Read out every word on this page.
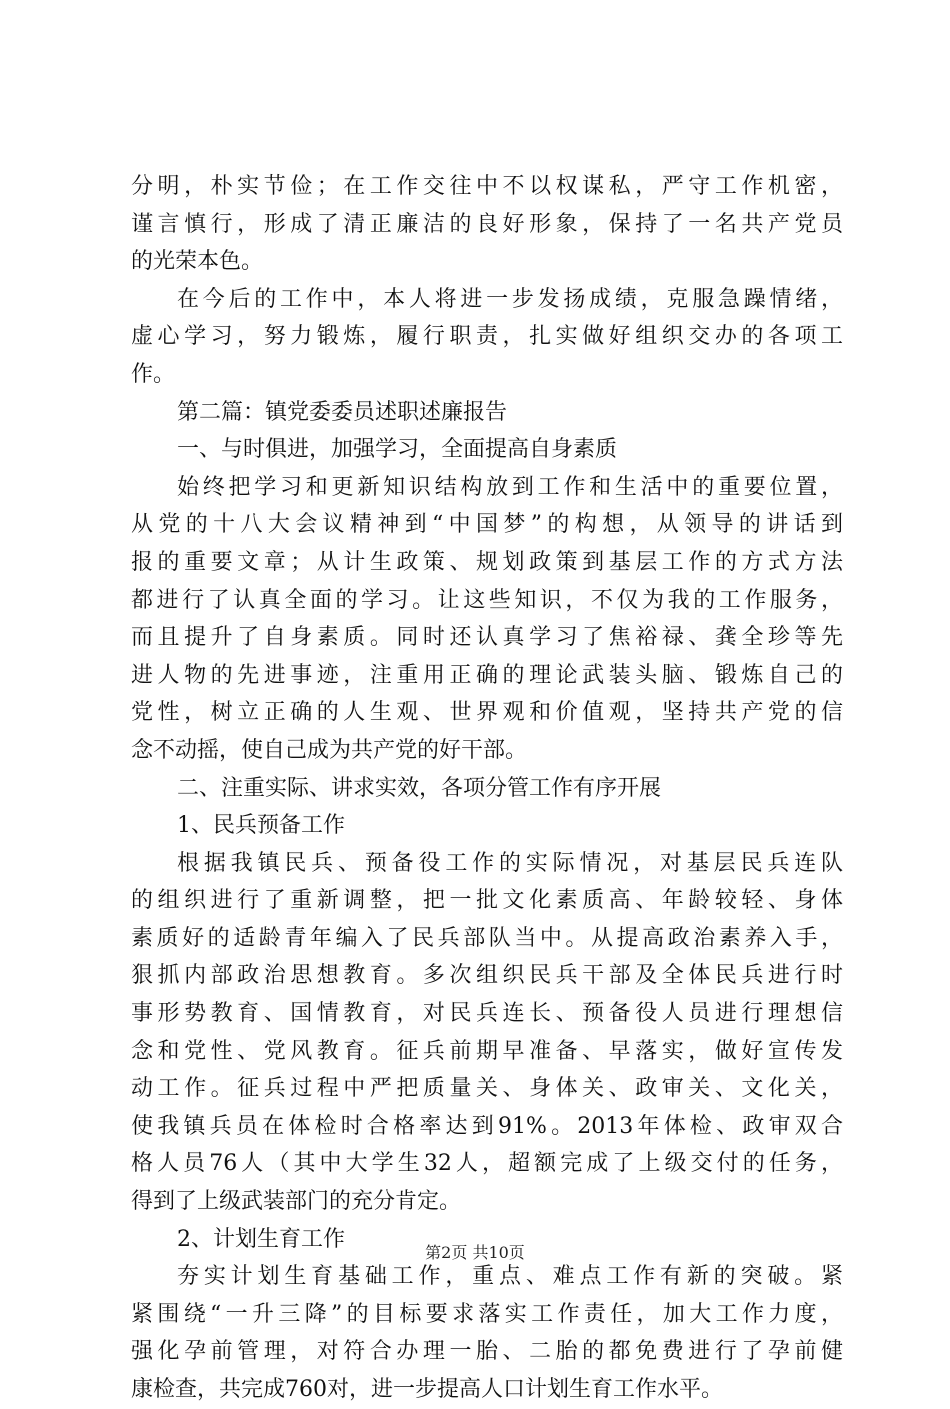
分明，朴实节俭；在工作交往中不以权谋私，严守工作机密，
谨言慎行，形成了清正廉洁的良好形象，保持了一名共产党员
的光荣本色。
在今后的工作中，本人将进一步发扬成绩，克服急躁情绪，
虚心学习，努力锻炼，履行职责，扎实做好组织交办的各项工
作。
第二篇：镇党委委员述职述廉报告
一、与时俱进，加强学习，全面提高自身素质
始终把学习和更新知识结构放到工作和生活中的重要位置，
从党的十八大会议精神到“中国梦”的构想，从领导的讲话到
报的重要文章；从计生政策、规划政策到基层工作的方式方法
都进行了认真全面的学习。让这些知识，不仅为我的工作服务，
而且提升了自身素质。同时还认真学习了焦裕禄、龚全珍等先
进人物的先进事迹，注重用正确的理论武装头脑、锻炼自己的
党性，树立正确的人生观、世界观和价值观，坚持共产党的信
念不动摇，使自己成为共产党的好干部。
二、注重实际、讲求实效，各项分管工作有序开展
1、民兵预备工作
根据我镇民兵、预备役工作的实际情况，对基层民兵连队
的组织进行了重新调整，把一批文化素质高、年龄较轻、身体
素质好的适龄青年编入了民兵部队当中。从提高政治素养入手，
狠抓内部政治思想教育。多次组织民兵干部及全体民兵进行时
事形势教育、国情教育，对民兵连长、预备役人员进行理想信
念和党性、党风教育。征兵前期早准备、早落实，做好宣传发
动工作。征兵过程中严把质量关、身体关、政审关、文化关，
使我镇兵员在体检时合格率达到91%。2013年体检、政审双合
格人员76人（其中大学生32人，超额完成了上级交付的任务，
得到了上级武装部门的充分肯定。
2、计划生育工作
夯实计划生育基础工作，重点、难点工作有新的突破。紧
紧围绕“一升三降”的目标要求落实工作责任，加大工作力度，
强化孕前管理，对符合办理一胎、二胎的都免费进行了孕前健
康检查，共完成760对，进一步提高人口计划生育工作水平。
第2页 共10页
